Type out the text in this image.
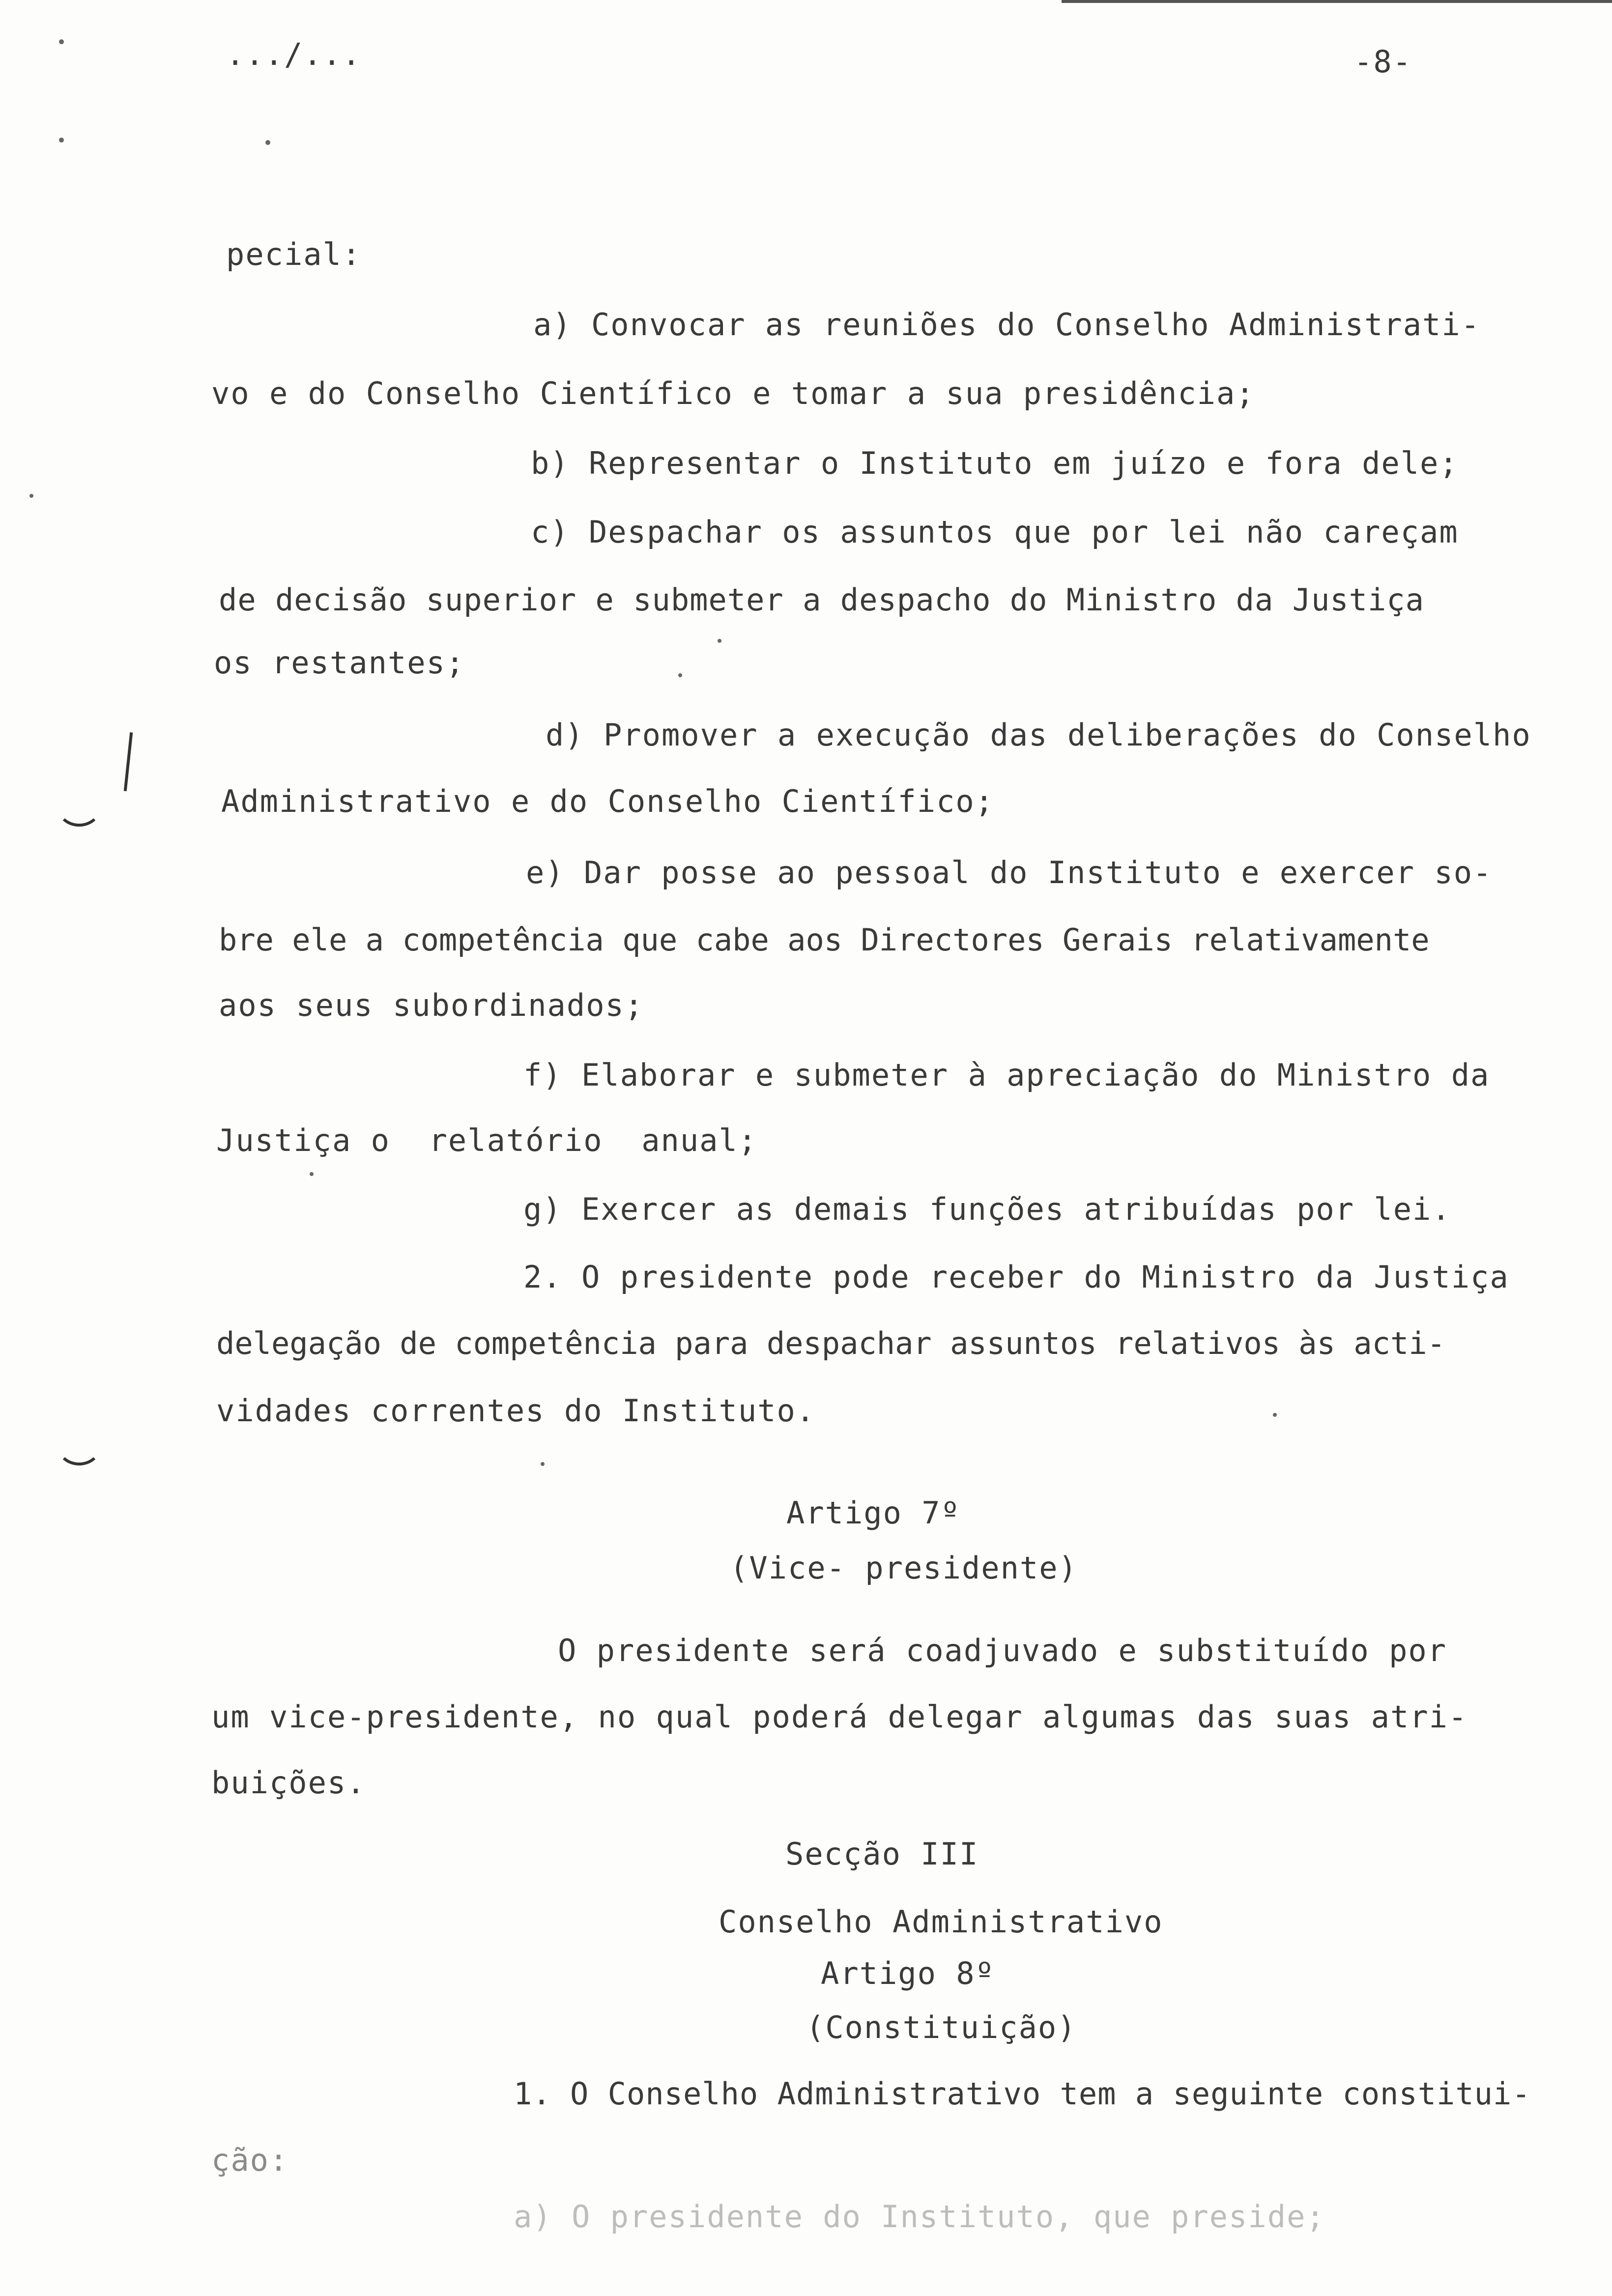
.../...	-8-
pecial:
a) Convocar as reuniões do Conselho Administrati-
vo e do Conselho Científico e tomar a sua presidência;
b) Representar o Instituto em juízo e fora dele;
c) Despachar os assuntos que por lei não careçam
de decisão superior e submeter a despacho do Ministro da Justiça
os restantes;
d) Promover a execução das deliberações do Conselho
Administrativo e do Conselho Científico;
e) Dar posse ao pessoal do Instituto e exercer so-
bre ele a competência que cabe aos Directores Gerais relativamente
aos seus subordinados;
f) Elaborar e submeter à apreciação do Ministro da
Justiça o  relatório  anual;
g) Exercer as demais funções atribuídas por lei.
2. O presidente pode receber do Ministro da Justiça
delegação de competência para despachar assuntos relativos às acti-
vidades correntes do Instituto.
Artigo 7º
(Vice- presidente)
O presidente será coadjuvado e substituído por
um vice-presidente, no qual poderá delegar algumas das suas atri-
buições.
Secção III
Conselho Administrativo
Artigo 8º
(Constituição)
1. O Conselho Administrativo tem a seguinte constitui-
ção:
a) O presidente do Instituto, que preside;
